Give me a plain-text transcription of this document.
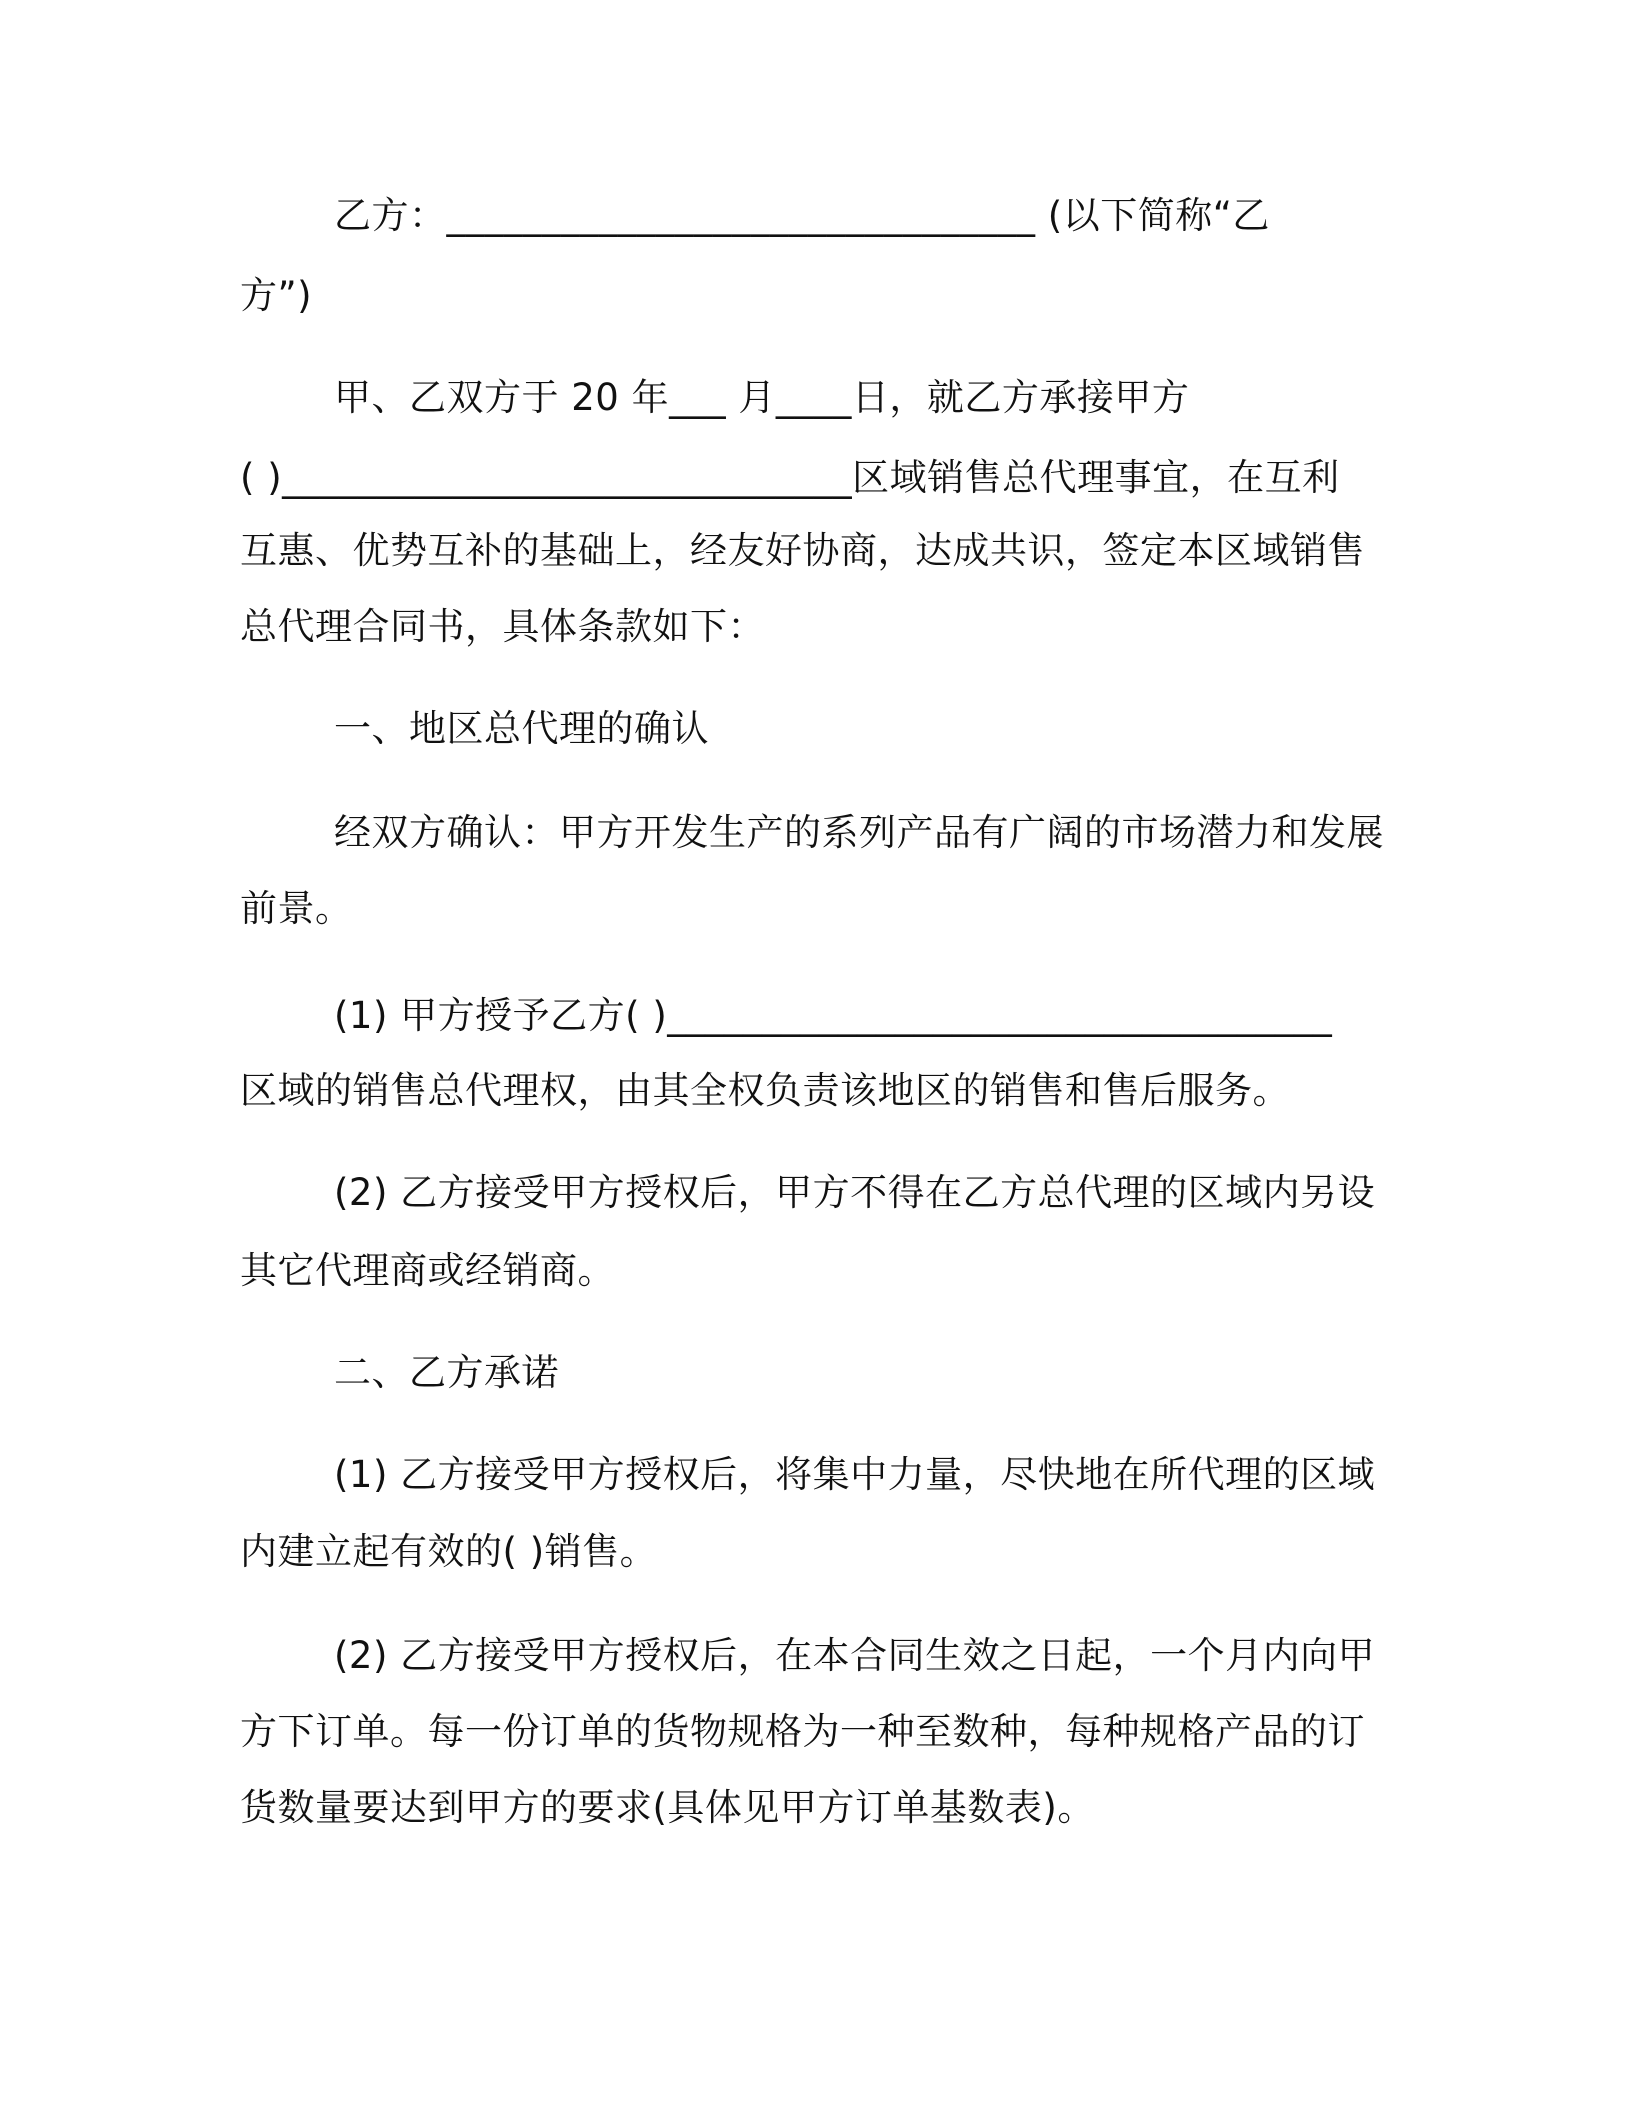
乙方：_______________________________ (以下简称“乙
方”)
甲、乙双方于 20 年___ 月____日，就乙方承接甲方
( )______________________________区域销售总代理事宜，在互利
互惠、优势互补的基础上，经友好协商，达成共识，签定本区域销售
总代理合同书，具体条款如下：
一、地区总代理的确认
经双方确认：甲方开发生产的系列产品有广阔的市场潜力和发展
前景。
(1) 甲方授予乙方( )___________________________________
区域的销售总代理权，由其全权负责该地区的销售和售后服务。
(2) 乙方接受甲方授权后，甲方不得在乙方总代理的区域内另设
其它代理商或经销商。
二、乙方承诺
(1) 乙方接受甲方授权后，将集中力量，尽快地在所代理的区域
内建立起有效的( )销售。
(2) 乙方接受甲方授权后，在本合同生效之日起，一个月内向甲
方下订单。每一份订单的货物规格为一种至数种，每种规格产品的订
货数量要达到甲方的要求(具体见甲方订单基数表)。
